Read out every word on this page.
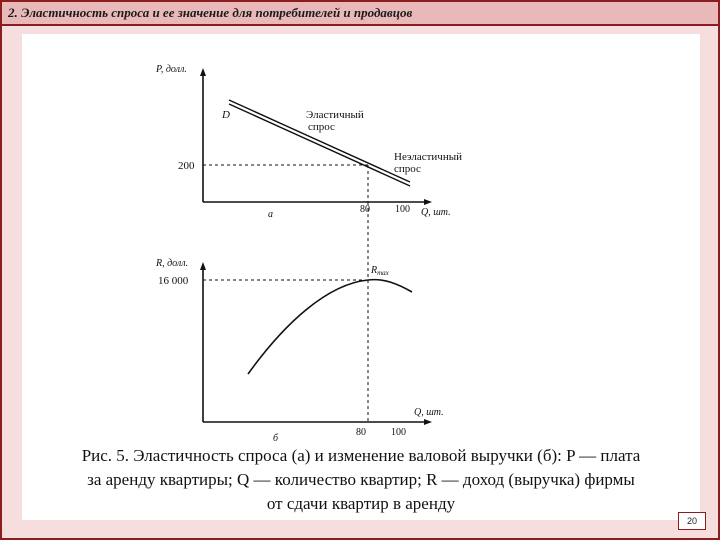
2. Эластичность спроса и ее значение для потребителей и продавцов
P, долл.
D	Эластичный
спрос
Неэластичный
спрос
200
80	100 Q, шт.
а
R, долл.
$R_{max}$
16 000
Q, шт.
80	100
б
Рис. 5. Эластичность спроса (а) и изменение валовой выручки (б): P — плата
за аренду квартиры; Q — количество квартир; R — доход (выручка) фирмы
от сдачи квартир в аренду
20
